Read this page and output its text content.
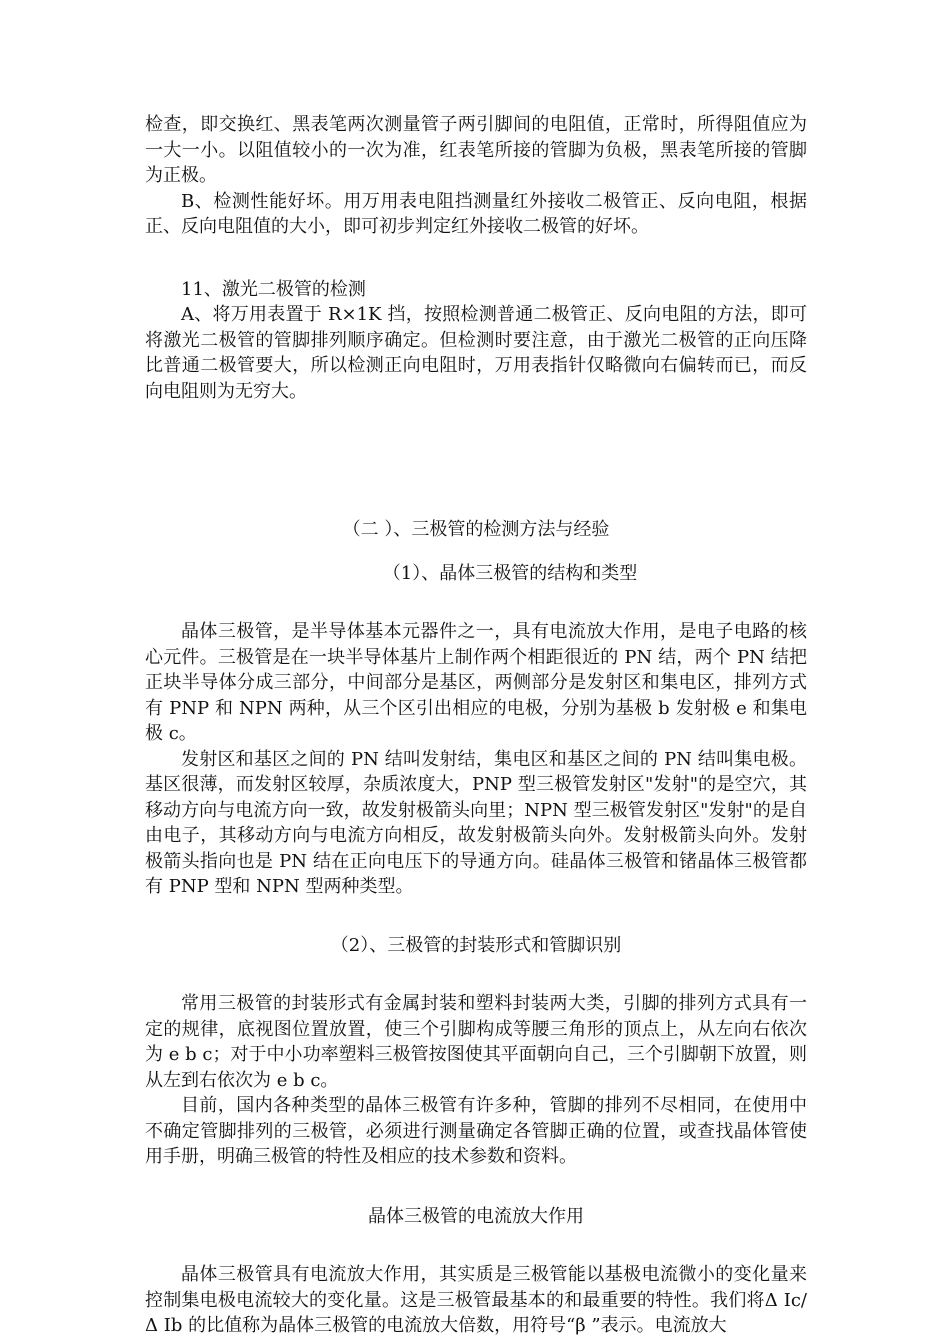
检查，即交换红、黑表笔两次测量管子两引脚间的电阻值，正常时，所得阻值应为一大一小。以阻值较小的一次为准，红表笔所接的管脚为负极，黑表笔所接的管脚为正极。

B、检测性能好坏。用万用表电阻挡测量红外接收二极管正、反向电阻，根据正、反向电阻值的大小，即可初步判定红外接收二极管的好坏。

11、激光二极管的检测

A、将万用表置于 R×1K 挡，按照检测普通二极管正、反向电阻的方法，即可将激光二极管的管脚排列顺序确定。但检测时要注意，由于激光二极管的正向压降比普通二极管要大，所以检测正向电阻时，万用表指针仅略微向右偏转而已，而反向电阻则为无穷大。

（二 ）、三极管的检测方法与经验

（1）、晶体三极管的结构和类型

晶体三极管，是半导体基本元器件之一，具有电流放大作用，是电子电路的核心元件。三极管是在一块半导体基片上制作两个相距很近的 PN 结，两个 PN 结把正块半导体分成三部分，中间部分是基区，两侧部分是发射区和集电区，排列方式有 PNP 和 NPN 两种，从三个区引出相应的电极，分别为基极 b 发射极 e 和集电极 c。

发射区和基区之间的 PN 结叫发射结，集电区和基区之间的 PN 结叫集电极。基区很薄，而发射区较厚，杂质浓度大，PNP 型三极管发射区"发射"的是空穴，其移动方向与电流方向一致，故发射极箭头向里；NPN 型三极管发射区"发射"的是自由电子，其移动方向与电流方向相反，故发射极箭头向外。发射极箭头向外。发射极箭头指向也是 PN 结在正向电压下的导通方向。硅晶体三极管和锗晶体三极管都有 PNP 型和 NPN 型两种类型。

（2）、三极管的封装形式和管脚识别

常用三极管的封装形式有金属封装和塑料封装两大类，引脚的排列方式具有一定的规律，底视图位置放置，使三个引脚构成等腰三角形的顶点上，从左向右依次为 e b c；对于中小功率塑料三极管按图使其平面朝向自己，三个引脚朝下放置，则从左到右依次为 e b c。

目前，国内各种类型的晶体三极管有许多种，管脚的排列不尽相同，在使用中不确定管脚排列的三极管，必须进行测量确定各管脚正确的位置，或查找晶体管使用手册，明确三极管的特性及相应的技术参数和资料。

晶体三极管的电流放大作用

晶体三极管具有电流放大作用，其实质是三极管能以基极电流微小的变化量来控制集电极电流较大的变化量。这是三极管最基本的和最重要的特性。我们将Δ Ic/Δ Ib 的比值称为晶体三极管的电流放大倍数，用符号“β ”表示。电流放大
